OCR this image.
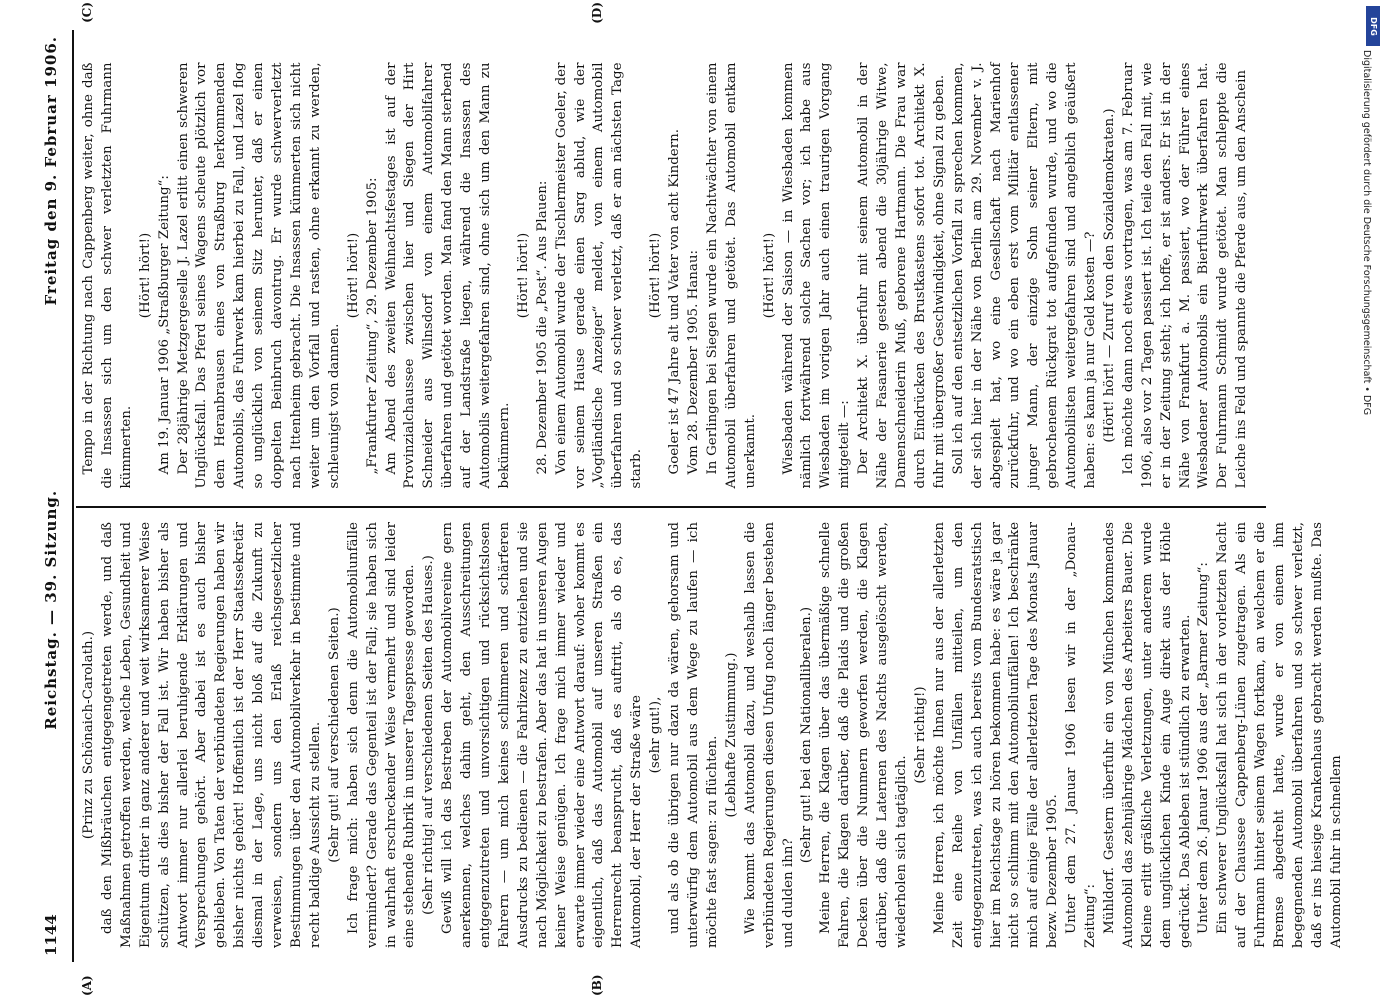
1144
Reichstag. — 39. Sitzung.
Freitag den 9. Februar 1906.

(Prinz zu Schönaich-Carolath.) daß den Mißbräuchen entgegengetreten werde, und daß Maßnahmen getroffen werden, welche Leben, Gesundheit und Eigentum dritter in ganz anderer und weit wirksamerer Weise schützen, als dies bisher der Fall ist. Wir haben bisher als Antwort immer nur allerlei beruhigende Erklärungen und Versprechungen gehört. Aber dabei ist es auch bisher geblieben. Von Taten der verbündeten Regierungen haben wir bisher nichts gehört! Hoffentlich ist der Herr Staatssekretär diesmal in der Lage, uns nicht bloß auf die Zukunft zu verweisen, sondern uns den Erlaß reichsgesetzlicher Bestimmungen über den Automobilverkehr in bestimmte und recht baldige Aussicht zu stellen. (Sehr gut! auf verschiedenen Seiten.) Ich frage mich: haben sich denn die Automobilunfälle vermindert? Gerade das Gegenteil ist der Fall; sie haben sich in wahrhaft erschreckender Weise vermehrt und sind leider eine stehende Rubrik in unserer Tagespresse geworden. (Sehr richtig! auf verschiedenen Seiten des Hauses.) Gewiß will ich das Bestreben der Automobilvereine gern anerkennen, welches dahin geht, den Ausschreitungen entgegenzutreten und unvorsichtigen und rücksichtslosen Fahrern — um mich keines schlimmeren und schärferen Ausdrucks zu bedienen — die Fahrlizenz zu entziehen und sie nach Möglichkeit zu bestrafen. Aber das hat in unseren Augen keiner Weise genügen. Ich frage mich immer wieder und erwarte immer wieder eine Antwort darauf: woher kommt es eigentlich, daß das Automobil auf unseren Straßen ein Herrenrecht beansprucht, daß es auftritt, als ob es, das Automobil, der Herr der Straße wäre (sehr gut!), und als ob die übrigen nur dazu da wären, gehorsam und unterwürfig dem Automobil aus dem Wege zu laufen — ich möchte fast sagen: zu flüchten.

(Lebhafte Zustimmung.) Wie kommt das Automobil dazu, und weshalb lassen die verbündeten Regierungen diesen Unfug noch länger bestehen und dulden ihn?

(Sehr gut! bei den Nationalliberalen.) Meine Herren, die Klagen über das übermäßige schnelle Fahren, die Klagen darüber, daß die Plaids und die großen Decken über die Nummern geworfen werden, die Klagen darüber, daß die Laternen des Nachts ausgelöscht werden, wiederholen sich tagtäglich.

(Sehr richtig!) Meine Herren, ich möchte Ihnen nur aus der allerletzten Zeit eine Reihe von Unfällen mitteilen, um den entgegenzutreten, was ich auch bereits vom Bundesratstisch hier im Reichstage zu hören bekommen habe: es wäre ja gar nicht so schlimm mit den Automobilunfällen! Ich beschränke mich auf einige Fälle der allerletzten Tage des Monats Januar bezw. Dezember 1905. Unter dem 27. Januar 1906 lesen wir in der „Donau-Zeitung“: Mühldorf. Gestern überfuhr ein von München kommendes Automobil das zehnjährige Mädchen des Arbeiters Bauer. Die Kleine erlitt gräßliche Verletzungen, unter anderem wurde dem unglücklichen Kinde ein Auge direkt aus der Höhle gedrückt. Das Ableben ist stündlich zu erwarten. Unter dem 26. Januar 1906 aus der „Barmer Zeitung“: Ein schwerer Unglücksfall hat sich in der vorletzten Nacht auf der Chaussee Cappenberg-Lünen zugetragen. Als ein Fuhrmann hinter seinem Wagen fortkam, an welchem er die Bremse abgedreht hatte, wurde er von einem ihm begegnenden Automobil überfahren und so schwer verletzt, daß er ins hiesige Krankenhaus gebracht werden mußte. Das Automobil fuhr in schnellem

Tempo in der Richtung nach Cappenberg weiter, ohne daß die Insassen sich um den schwer verletzten Fuhrmann kümmerten.

(Hört! hört!) Am 19. Januar 1906 „Straßburger Zeitung“: Der 28jährige Metzgergeselle J. Lazel erlitt einen schweren Unglücksfall. Das Pferd seines Wagens scheute plötzlich vor dem Heranbrausen eines von Straßburg herkommenden Automobils, das Fuhrwerk kam hierbei zu Fall, und Lazel flog so unglücklich von seinem Sitz herunter, daß er einen doppelten Beinbruch davontrug. Er wurde schwerverletzt nach Ittenheim gebracht. Die Insassen kümmerten sich nicht weiter um den Vorfall und rasten, ohne erkannt zu werden, schleunigst von dannen.

(Hört! hört!) „Frankfurter Zeitung“, 29. Dezember 1905: Am Abend des zweiten Weihnachtsfestages ist auf der Provinzialchaussee zwischen hier und Siegen der Hirt Schneider aus Wilnsdorf von einem Automobilfahrer überfahren und getötet worden. Man fand den Mann sterbend auf der Landstraße liegen, während die Insassen des Automobils weitergefahren sind, ohne sich um den Mann zu bekümmern.

(Hört! hört!) 28. Dezember 1905 die „Post“. Aus Plauen: Von einem Automobil wurde der Tischlermeister Goeler, der vor seinem Hause gerade einen Sarg ablud, wie der „Vogtländische Anzeiger“ meldet, von einem Automobil überfahren und so schwer verletzt, daß er am nächsten Tage starb.

(Hört! hört!) Goeler ist 47 Jahre alt und Vater von acht Kindern. Vom 28. Dezember 1905. Hanau: In Gerlingen bei Siegen wurde ein Nachtwächter von einem Automobil überfahren und getötet. Das Automobil entkam unerkannt.

(Hört! hört!) Wiesbaden während der Saison — in Wiesbaden kommen nämlich fortwährend solche Sachen vor; ich habe aus Wiesbaden im vorigen Jahr auch einen traurigen Vorgang mitgeteilt —: Der Architekt X. überfuhr mit seinem Automobil in der Nähe der Fasanerie gestern abend die 30jährige Witwe, Damenschneiderin Muß, geborene Hartmann. Die Frau war durch Eindrücken des Brustkastens sofort tot. Architekt X. fuhr mit übergroßer Geschwindigkeit, ohne Signal zu geben. Soll ich auf den entsetzlichen Vorfall zu sprechen kommen, der sich hier in der Nähe von Berlin am 29. November v. J. abgespielt hat, wo eine Gesellschaft nach Marienhof zurückfuhr, und wo ein eben erst vom Militär entlassener junger Mann, der einzige Sohn seiner Eltern, mit gebrochenem Rückgrat tot aufgefunden wurde, und wo die Automobilisten weitergefahren sind und angeblich geäußert haben: es kann ja nur Geld kosten —? (Hört! hört! — Zuruf von den Sozialdemokraten.) Ich möchte dann noch etwas vortragen, was am 7. Februar 1906, also vor 2 Tagen passiert ist. Ich teile den Fall mit, wie er in der Zeitung steht; ich hoffe, er ist anders. Er ist in der Nähe von Frankfurt a. M. passiert, wo der Führer eines Wiesbadener Automobils ein Bierfuhrwerk überfahren hat. Der Fuhrmann Schmidt wurde getötet. Man schleppte die Leiche ins Feld und spannte die Pferde aus, um den Anschein

(A)	(B)
(C)	(D)
DFG
Digitalisierung gefördert durch die Deutsche Forschungsgemeinschaft • DFG
